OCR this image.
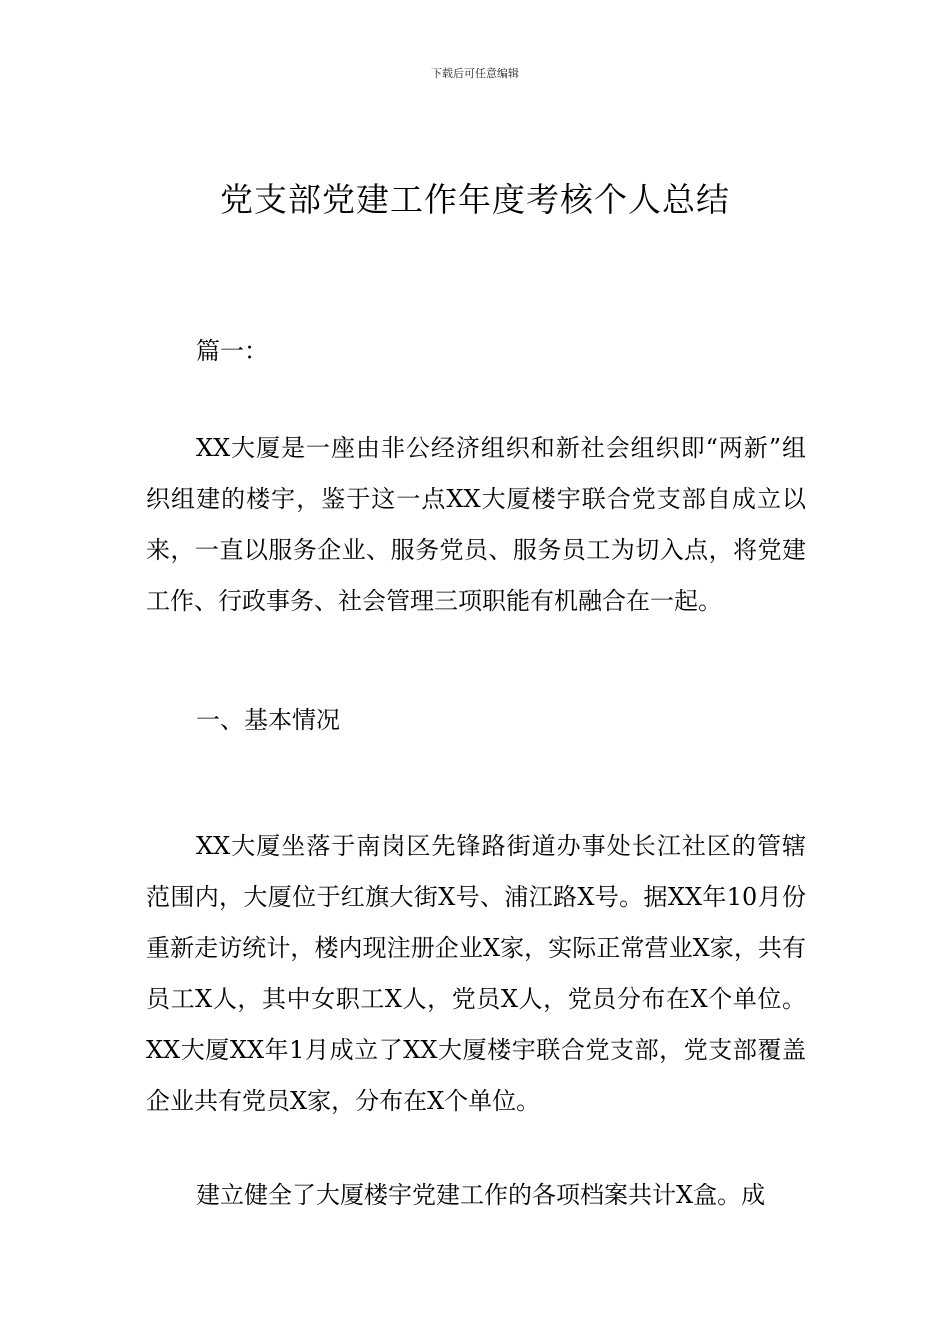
下载后可任意编辑
党支部党建工作年度考核个人总结

篇一：

XX大厦是一座由非公经济组织和新社会组织即“两新”组织组建的楼宇，鉴于这一点XX大厦楼宇联合党支部自成立以来，一直以服务企业、服务党员、服务员工为切入点，将党建工作、行政事务、社会管理三项职能有机融合在一起。

一、基本情况

XX大厦坐落于南岗区先锋路街道办事处长江社区的管辖范围内，大厦位于红旗大街X号、浦江路X号。据XX年10月份重新走访统计，楼内现注册企业X家，实际正常营业X家，共有员工X人，其中女职工X人，党员X人，党员分布在X个单位。XX大厦XX年1月成立了XX大厦楼宇联合党支部，党支部覆盖企业共有党员X家，分布在X个单位。

建立健全了大厦楼宇党建工作的各项档案共计X盒。成
